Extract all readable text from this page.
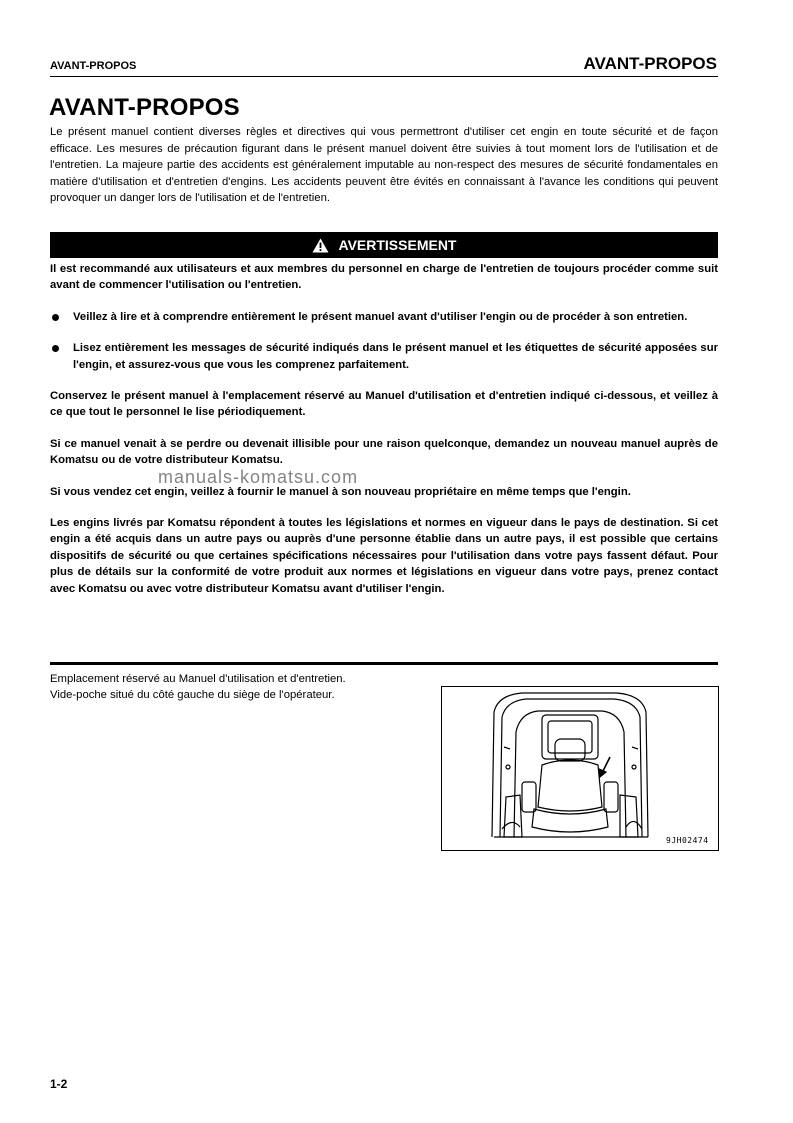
AVANT-PROPOS	AVANT-PROPOS
AVANT-PROPOS
Le présent manuel contient diverses règles et directives qui vous permettront d'utiliser cet engin en toute sécurité et de façon efficace. Les mesures de précaution figurant dans le présent manuel doivent être suivies à tout moment lors de l'utilisation et de l'entretien. La majeure partie des accidents est généralement imputable au non-respect des mesures de sécurité fondamentales en matière d'utilisation et d'entretien d'engins. Les accidents peuvent être évités en connaissant à l'avance les conditions qui peuvent provoquer un danger lors de l'utilisation et de l'entretien.
AVERTISSEMENT

Il est recommandé aux utilisateurs et aux membres du personnel en charge de l'entretien de toujours procéder comme suit avant de commencer l'utilisation ou l'entretien.

Veillez à lire et à comprendre entièrement le présent manuel avant d'utiliser l'engin ou de procéder à son entretien.

Lisez entièrement les messages de sécurité indiqués dans le présent manuel et les étiquettes de sécurité apposées sur l'engin, et assurez-vous que vous les comprenez parfaitement.

Conservez le présent manuel à l'emplacement réservé au Manuel d'utilisation et d'entretien indiqué ci-dessous, et veillez à ce que tout le personnel le lise périodiquement.

Si ce manuel venait à se perdre ou devenait illisible pour une raison quelconque, demandez un nouveau manuel auprès de Komatsu ou de votre distributeur Komatsu.

Si vous vendez cet engin, veillez à fournir le manuel à son nouveau propriétaire en même temps que l'engin.

Les engins livrés par Komatsu répondent à toutes les législations et normes en vigueur dans le pays de destination. Si cet engin a été acquis dans un autre pays ou auprès d'une personne établie dans un autre pays, il est possible que certains dispositifs de sécurité ou que certaines spécifications nécessaires pour l'utilisation dans votre pays fassent défaut. Pour plus de détails sur la conformité de votre produit aux normes et législations en vigueur dans votre pays, prenez contact avec Komatsu ou avec votre distributeur Komatsu avant d'utiliser l'engin.

Emplacement réservé au Manuel d'utilisation et d'entretien.
Vide-poche situé du côté gauche du siège de l'opérateur.
9JH02474
manuals-komatsu.com
1-2
